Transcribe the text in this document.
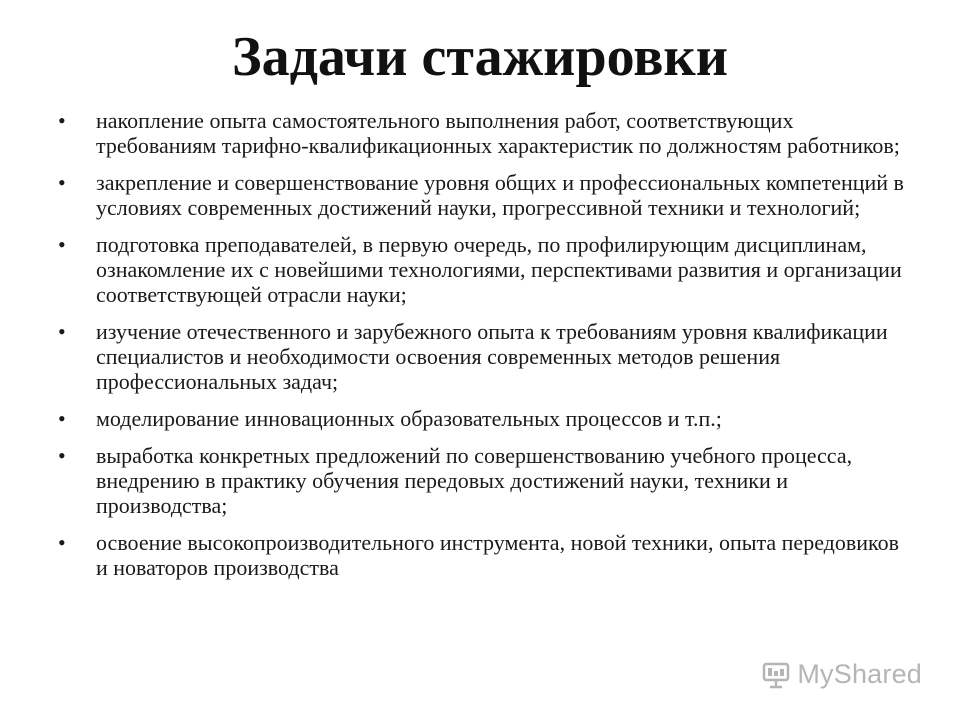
Задачи стажировки
• накопление опыта самостоятельного выполнения работ, соответствующих требованиям тарифно-квалификационных характеристик по должностям работников;
• закрепление и совершенствование уровня общих и профессиональных компетенций в условиях современных достижений науки, прогрессивной техники и технологий;
• подготовка преподавателей, в первую очередь, по профилирующим дисциплинам, ознакомление их с новейшими технологиями, перспективами развития и организации соответствующей отрасли науки;
• изучение отечественного и зарубежного опыта к требованиям уровня квалификации специалистов и необходимости освоения современных методов решения профессиональных задач;
• моделирование инновационных образовательных процессов и т.п.;
• выработка конкретных предложений по совершенствованию учебного процесса, внедрению в практику обучения передовых достижений науки, техники и производства;
• освоение высокопроизводительного инструмента, новой техники, опыта передовиков и новаторов производства
MyShared
